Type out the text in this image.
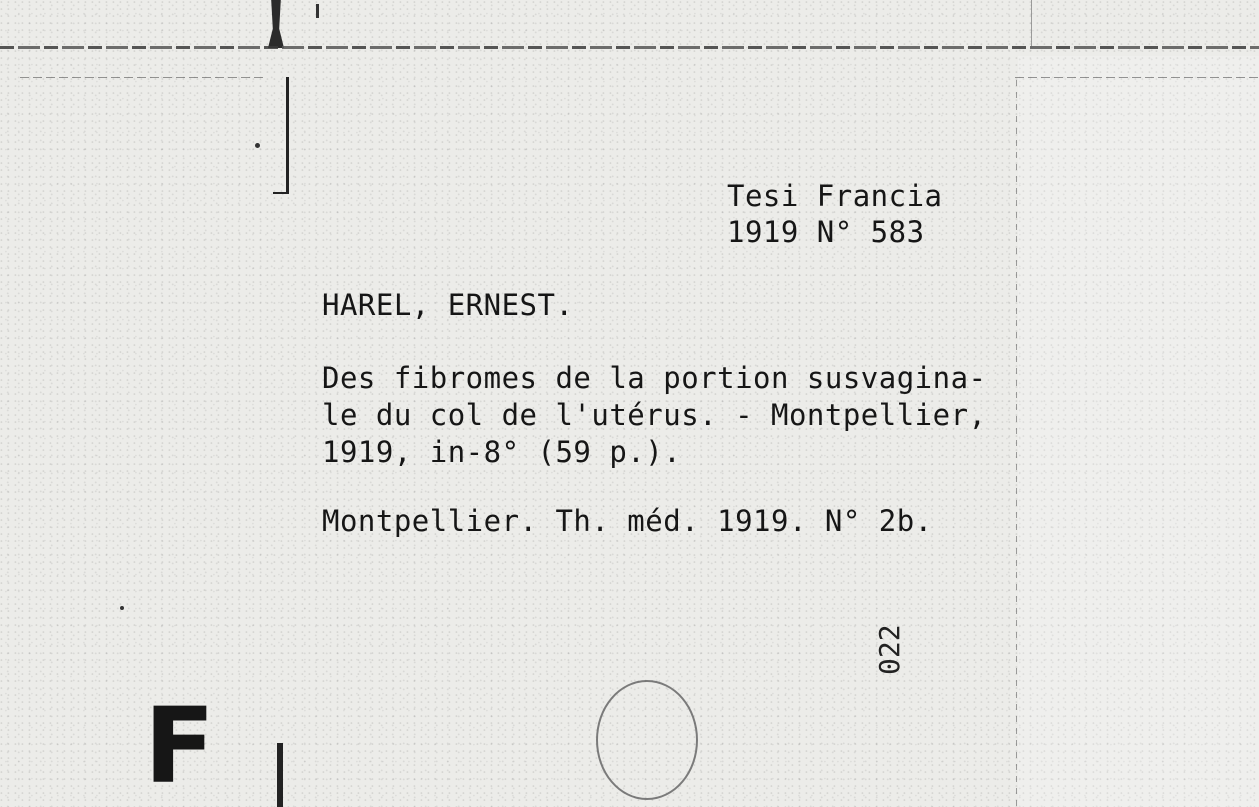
Tesi Francia
1919 N° 583
HAREL, ERNEST.
Des fibromes de la portion susvagina-
le du col de l'utérus. - Montpellier,
1919, in-8° (59 p.).
Montpellier. Th. méd. 1919. N° 2b.
022
F
